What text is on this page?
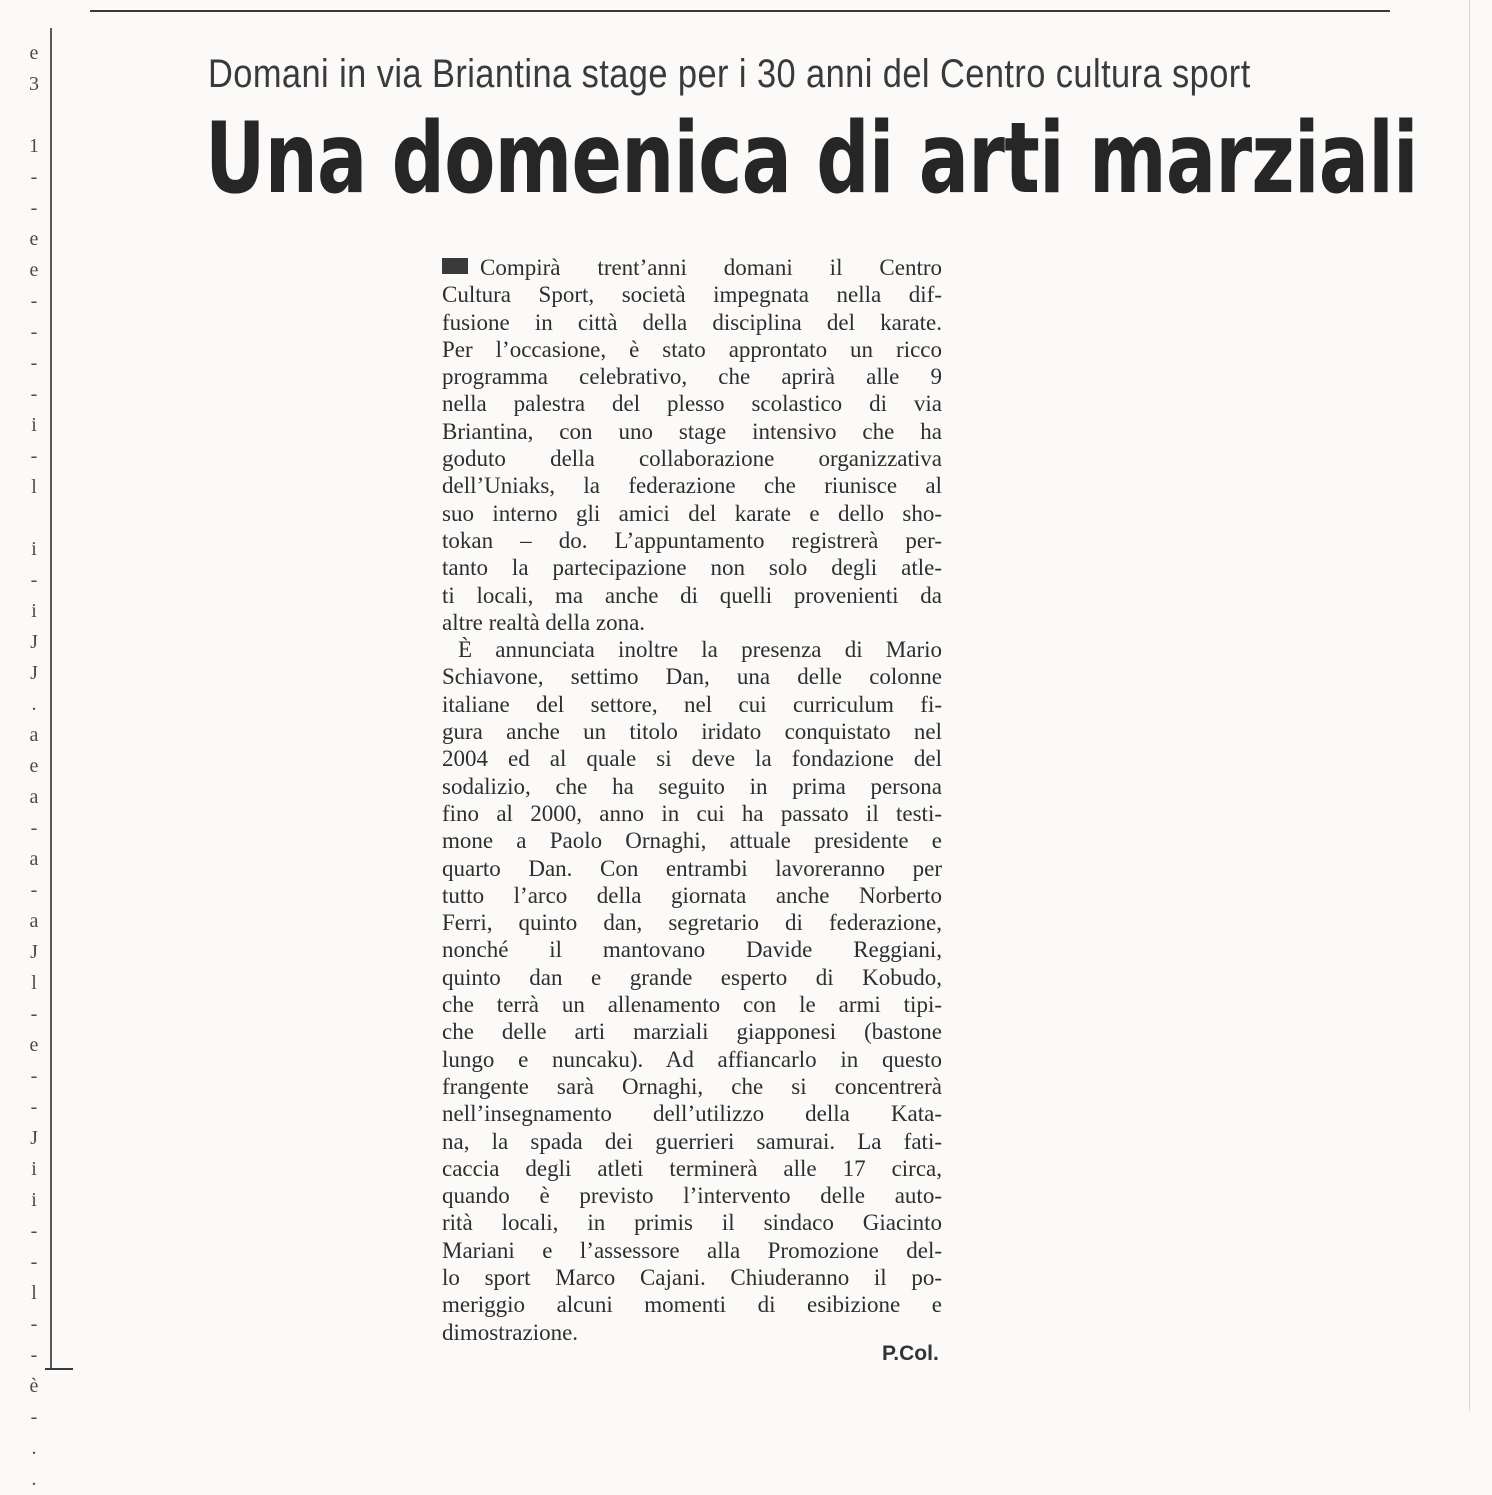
e
3
1
-
-
e
e
-
-
-
-
i
-
l
i
-
i
J
J
.
a
e
a
-
a
-
a
J
l
-
e
-
-
J
i
i
-
-
l
-
-
è
-
.
.
Domani in via Briantina stage per i 30 anni del Centro cultura sport
Una domenica di arti marziali
Compirà trent’anni domani il Centro
Cultura Sport, società impegnata nella dif-
fusione in città della disciplina del karate.
Per l’occasione, è stato approntato un ricco
programma celebrativo, che aprirà alle 9
nella palestra del plesso scolastico di via
Briantina, con uno stage intensivo che ha
goduto della collaborazione organizzativa
dell’Uniaks, la federazione che riunisce al
suo interno gli amici del karate e dello sho-
tokan – do. L’appuntamento registrerà per-
tanto la partecipazione non solo degli atle-
ti locali, ma anche di quelli provenienti da
altre realtà della zona.
È annunciata inoltre la presenza di Mario
Schiavone, settimo Dan, una delle colonne
italiane del settore, nel cui curriculum fi-
gura anche un titolo iridato conquistato nel
2004 ed al quale si deve la fondazione del
sodalizio, che ha seguito in prima persona
fino al 2000, anno in cui ha passato il testi-
mone a Paolo Ornaghi, attuale presidente e
quarto Dan. Con entrambi lavoreranno per
tutto l’arco della giornata anche Norberto
Ferri, quinto dan, segretario di federazione,
nonché il mantovano Davide Reggiani,
quinto dan e grande esperto di Kobudo,
che terrà un allenamento con le armi tipi-
che delle arti marziali giapponesi (bastone
lungo e nuncaku). Ad affiancarlo in questo
frangente sarà Ornaghi, che si concentrerà
nell’insegnamento dell’utilizzo della Kata-
na, la spada dei guerrieri samurai. La fati-
caccia degli atleti terminerà alle 17 circa,
quando è previsto l’intervento delle auto-
rità locali, in primis il sindaco Giacinto
Mariani e l’assessore alla Promozione del-
lo sport Marco Cajani. Chiuderanno il po-
meriggio alcuni momenti di esibizione e
dimostrazione.
P.Col.
